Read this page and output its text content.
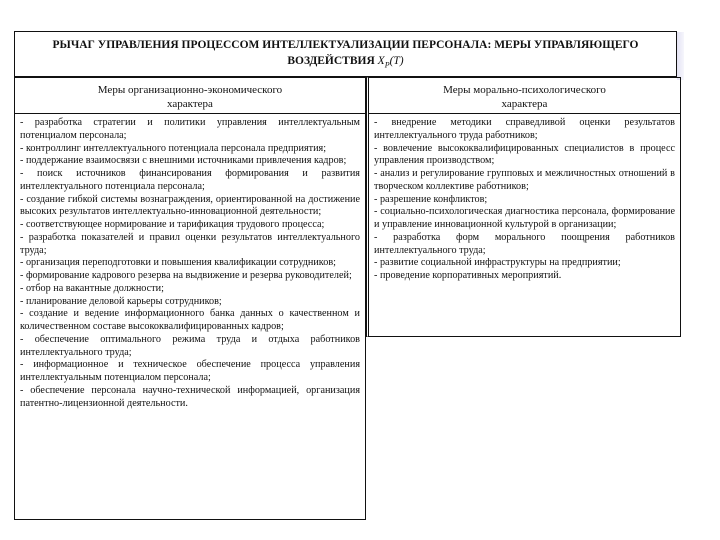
РЫЧАГ УПРАВЛЕНИЯ ПРОЦЕССОМ ИНТЕЛЛЕКТУАЛИЗАЦИИ ПЕРСОНАЛА: МЕРЫ УПРАВЛЯЮЩЕГО
ВОЗДЕЙСТВИЯ $X_P(T)$
Меры организационно-экономического
характера

- разработка стратегии и политики управления интеллектуальным потенциалом персонала;

- контроллинг интеллектуального потенциала персонала предприятия;

- поддержание взаимосвязи с внешними источниками привлечения кадров;

- поиск источников финансирования формирования и развития интеллектуального потенциала персонала;

- создание гибкой системы вознаграждения, ориентированной на достижение высоких результатов интеллектуально-инновационной деятельности;

- соответствующее нормирование и тарификация трудового процесса;

- разработка показателей и правил оценки результатов интеллектуального труда;

- организация переподготовки и повышения квалификации сотрудников;

- формирование кадрового резерва на выдвижение и резерва руководителей;

- отбор на вакантные должности;

- планирование деловой карьеры сотрудников;

- создание и ведение информационного банка данных о качественном и количественном составе высококвалифицированных кадров;

- обеспечение оптимального режима труда и отдыха работников интеллектуального труда;

- информационное и техническое обеспечение процесса управления интеллектуальным потенциалом персонала;

- обеспечение персонала научно-технической информацией, организация патентно-лицензионной деятельности.

Меры морально-психологического
характера

- внедрение методики справедливой оценки результатов интеллектуального труда работников;

- вовлечение высококвалифицированных специалистов в процесс управления производством;

- анализ и регулирование групповых и межличностных отношений в творческом коллективе работников;

- разрешение конфликтов;

- социально-психологическая диагностика персонала, формирование и управление инновационной культурой в организации;

- разработка форм морального поощрения работников интеллектуального труда;

- развитие социальной инфраструктуры на предприятии;

- проведение корпоративных мероприятий.
